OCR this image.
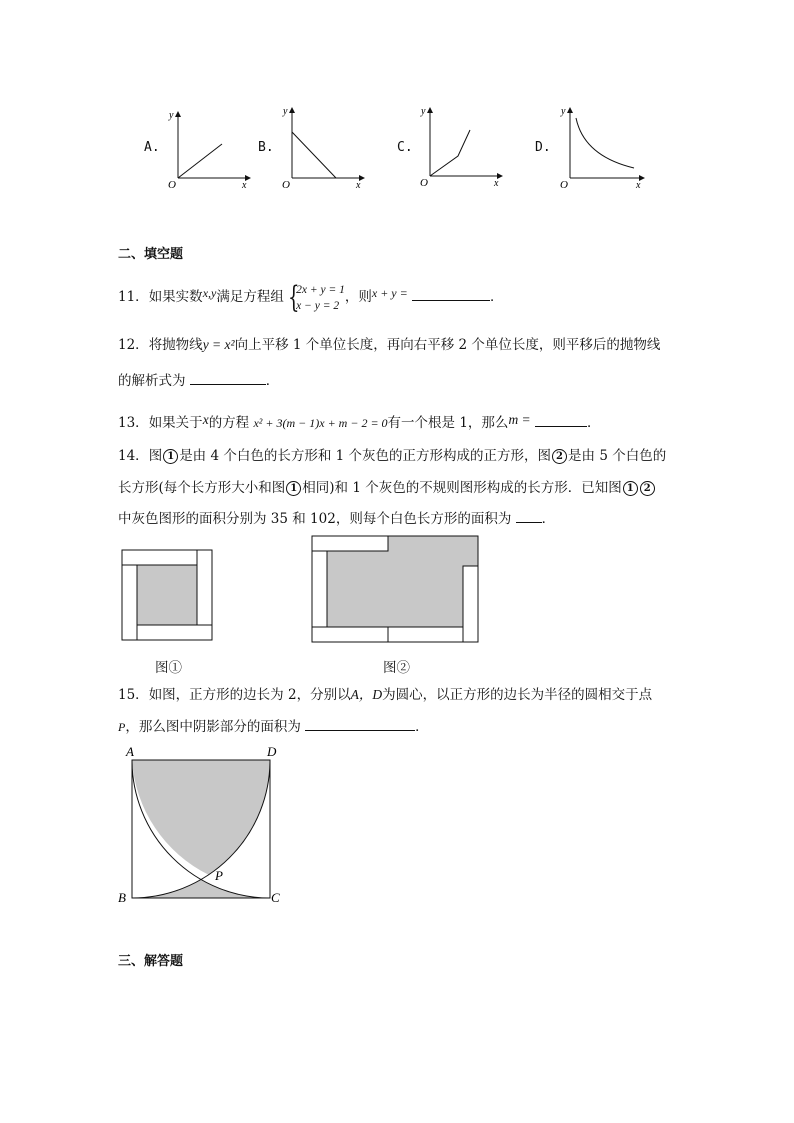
A.
y
x
O
B.
y
x
O
C.
y
x
O
D.
y
x
O
二、填空题
11．如果实数x,y满足方程组 {
2x + y = 1
x − y = 2
，则x + y =	．
12．将抛物线y = x²向上平移 1 个单位长度，再向右平移 2 个单位长度，则平移后的抛物线
的解析式为	．
13．如果关于x的方程 x² + 3(m − 1)x + m − 2 = 0有一个根是 1，那么m =	．
14．图 1 是由 4 个白色的长方形和 1 个灰色的正方形构成的正方形，图 2 是由 5 个白色的
长方形(每个长方形大小和图 1 相同)和 1 个灰色的不规则图形构成的长方形．已知图 1 2
中灰色图形的面积分别为 35 和 102，则每个白色长方形的面积为 ．
图①	图②
15．如图，正方形的边长为 2，分别以A，D为圆心，以正方形的边长为半径的圆相交于点
P，那么图中阴影部分的面积为	．
A	D
B	C
P
三、解答题
